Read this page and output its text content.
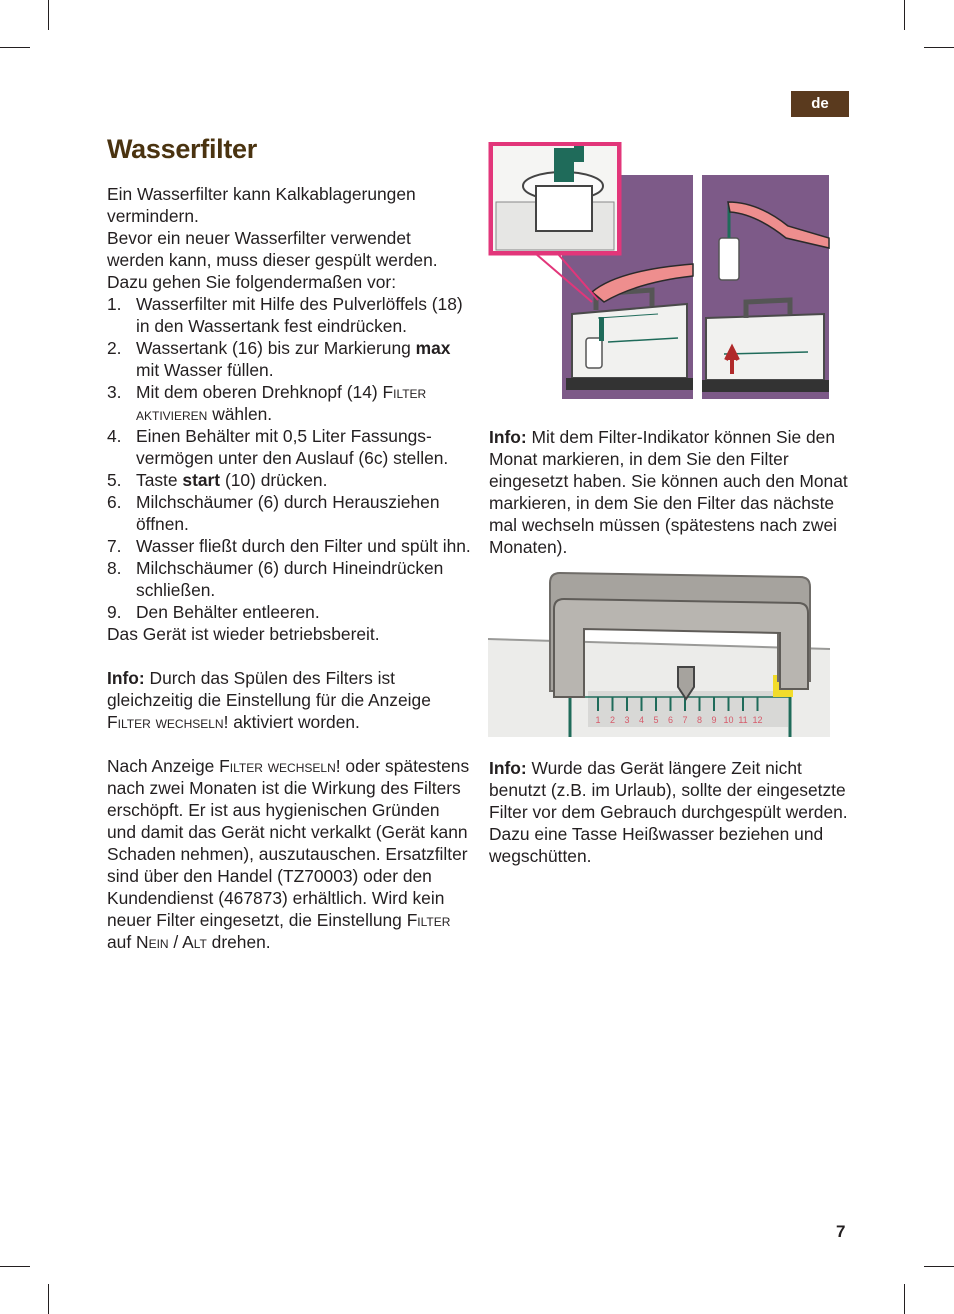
de
Wasserfilter

Ein Wasserfilter kann Kalkablagerungen vermindern.

Bevor ein neuer Wasserfilter verwendet werden kann, muss dieser gespült werden.

Dazu gehen Sie folgendermaßen vor:

1. Wasserfilter mit Hilfe des Pulverlöffels (18) in den Wassertank fest eindrücken.
2. Wassertank (16) bis zur Markierung max mit Wasser füllen.
3. Mit dem oberen Drehknopf (14) Filter aktivieren wählen.
4. Einen Behälter mit 0,5 Liter Fassungsvermögen unter den Auslauf (6c) stellen.
5. Taste start (10) drücken.
6. Milchschäumer (6) durch Herausziehen öffnen.
7. Wasser fließt durch den Filter und spült ihn.
8. Milchschäumer (6) durch Hineindrücken schließen.
9. Den Behälter entleeren.

Das Gerät ist wieder betriebsbereit.

Info: Durch das Spülen des Filters ist gleichzeitig die Einstellung für die Anzeige Filter wechseln! aktiviert worden.

Nach Anzeige Filter wechseln! oder spätestens nach zwei Monaten ist die Wirkung des Filters erschöpft. Er ist aus hygienischen Gründen und damit das Gerät nicht verkalkt (Gerät kann Schaden nehmen), auszutauschen. Ersatzfilter sind über den Handel (TZ70003) oder den Kundendienst (467873) erhältlich. Wird kein neuer Filter eingesetzt, die Einstellung Filter auf Nein / Alt drehen.

Info: Mit dem Filter-Indikator können Sie den Monat markieren, in dem Sie den Filter eingesetzt haben. Sie können auch den Monat markieren, in dem Sie den Filter das nächste mal wechseln müssen (spätestens nach zwei Monaten).

1 2 3 4 5 6 7 8 9 10 11 12

Info: Wurde das Gerät längere Zeit nicht benutzt (z.B. im Urlaub), sollte der eingesetzte Filter vor dem Gebrauch durchgespült werden. Dazu eine Tasse Heißwasser beziehen und wegschütten.

7
